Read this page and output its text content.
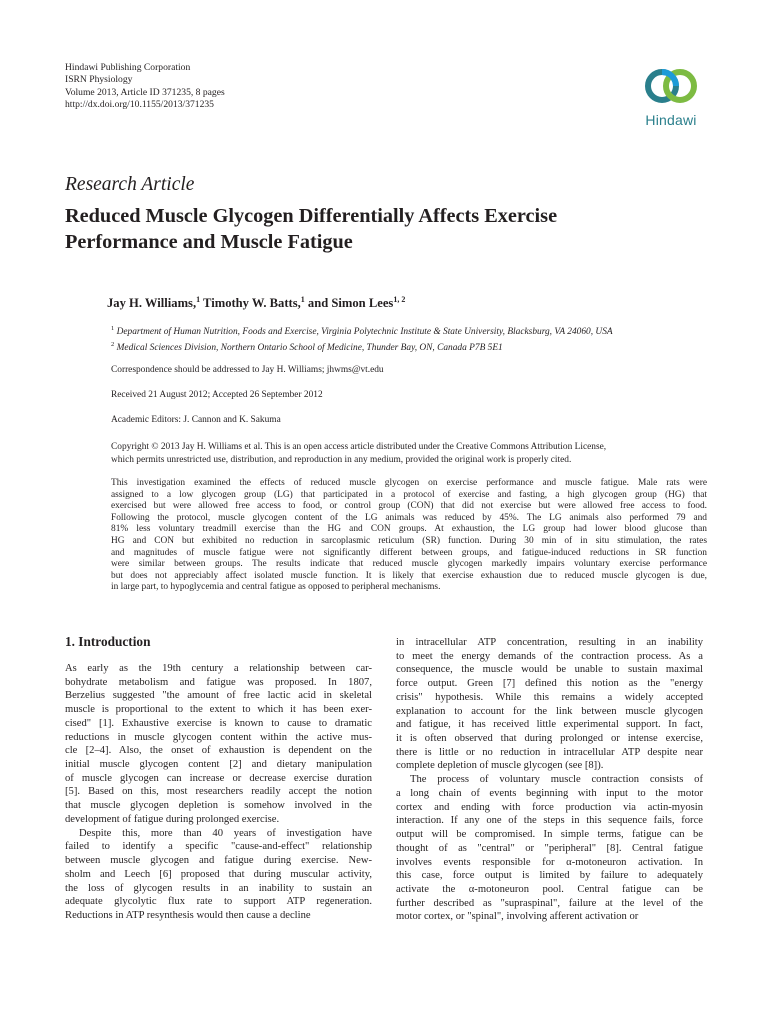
Hindawi Publishing Corporation
ISRN Physiology
Volume 2013, Article ID 371235, 8 pages
http://dx.doi.org/10.1155/2013/371235
Hindawi
Research Article
Reduced Muscle Glycogen Differentially Affects Exercise
Performance and Muscle Fatigue
Jay H. Williams,$^1$ Timothy W. Batts,$^1$ and Simon Lees$^{1, 2}$
$^1$ Department of Human Nutrition, Foods and Exercise, Virginia Polytechnic Institute & State University, Blacksburg, VA 24060, USA
$^2$ Medical Sciences Division, Northern Ontario School of Medicine, Thunder Bay, ON, Canada P7B 5E1
Correspondence should be addressed to Jay H. Williams; jhwms@vt.edu
Received 21 August 2012; Accepted 26 September 2012
Academic Editors: J. Cannon and K. Sakuma
Copyright © 2013 Jay H. Williams et al. This is an open access article distributed under the Creative Commons Attribution License,
which permits unrestricted use, distribution, and reproduction in any medium, provided the original work is properly cited.
This investigation examined the effects of reduced muscle glycogen on exercise performance and muscle fatigue. Male rats were
assigned to a low glycogen group (LG) that participated in a protocol of exercise and fasting, a high glycogen group (HG) that
exercised but were allowed free access to food, or control group (CON) that did not exercise but were allowed free access to food.
Following the protocol, muscle glycogen content of the LG animals was reduced by 45%. The LG animals also performed 79 and
81% less voluntary treadmill exercise than the HG and CON groups. At exhaustion, the LG group had lower blood glucose than
HG and CON but exhibited no reduction in sarcoplasmic reticulum (SR) function. During 30 min of in situ stimulation, the rates
and magnitudes of muscle fatigue were not significantly different between groups, and fatigue-induced reductions in SR function
were similar between groups. The results indicate that reduced muscle glycogen markedly impairs voluntary exercise performance
but does not appreciably affect isolated muscle function. It is likely that exercise exhaustion due to reduced muscle glycogen is due,
in large part, to hypoglycemia and central fatigue as opposed to peripheral mechanisms.
1. Introduction
As early as the 19th century a relationship between car-
bohydrate metabolism and fatigue was proposed. In 1807,
Berzelius suggested "the amount of free lactic acid in skeletal
muscle is proportional to the extent to which it has been exer-
cised" [1]. Exhaustive exercise is known to cause to dramatic
reductions in muscle glycogen content within the active mus-
cle [2–4]. Also, the onset of exhaustion is dependent on the
initial muscle glycogen content [2] and dietary manipulation
of muscle glycogen can increase or decrease exercise duration
[5]. Based on this, most researchers readily accept the notion
that muscle glycogen depletion is somehow involved in the
development of fatigue during prolonged exercise.
Despite this, more than 40 years of investigation have
failed to identify a specific "cause-and-effect" relationship
between muscle glycogen and fatigue during exercise. New-
sholm and Leech [6] proposed that during muscular activity,
the loss of glycogen results in an inability to sustain an
adequate glycolytic flux rate to support ATP regeneration.
Reductions in ATP resynthesis would then cause a decline
in intracellular ATP concentration, resulting in an inability
to meet the energy demands of the contraction process. As a
consequence, the muscle would be unable to sustain maximal
force output. Green [7] defined this notion as the "energy
crisis" hypothesis. While this remains a widely accepted
explanation to account for the link between muscle glycogen
and fatigue, it has received little experimental support. In fact,
it is often observed that during prolonged or intense exercise,
there is little or no reduction in intracellular ATP despite near
complete depletion of muscle glycogen (see [8]).
The process of voluntary muscle contraction consists of
a long chain of events beginning with input to the motor
cortex and ending with force production via actin-myosin
interaction. If any one of the steps in this sequence fails, force
output will be compromised. In simple terms, fatigue can be
thought of as "central" or "peripheral" [8]. Central fatigue
involves events responsible for α-motoneuron activation. In
this case, force output is limited by failure to adequately
activate the α-motoneuron pool. Central fatigue can be
further described as "supraspinal", failure at the level of the
motor cortex, or "spinal", involving afferent activation or
